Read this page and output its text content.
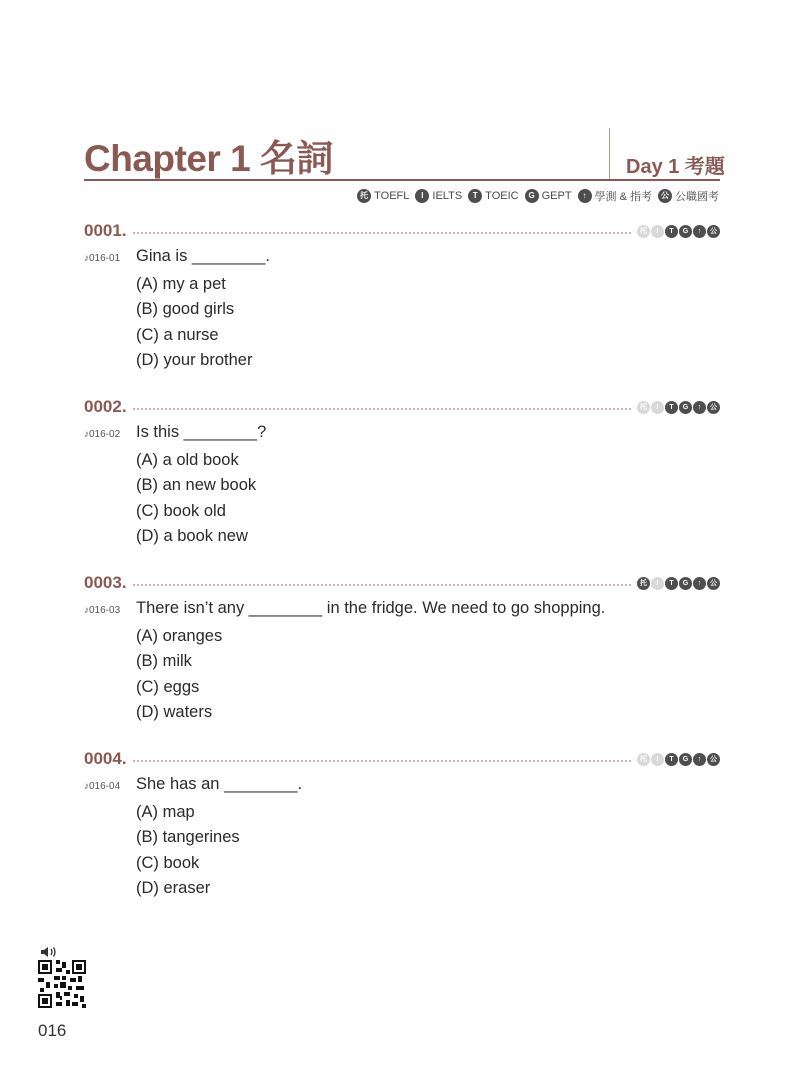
Chapter 1 名詞	Day 1 考題
托 TOEFL	I IELTS	T TOEIC	G GEPT	↑ 學測 & 指考	公 公職國考
0001.	托	I	T	G	↑	公
♪016-01 Gina is ________.
(A) my a pet
(B) good girls
(C) a nurse
(D) your brother
0002.	托	I	T	G	↑	公
♪016-02 Is this ________?
(A) a old book
(B) an new book
(C) book old
(D) a book new
0003.	托	I	T	G	↑	公
♪016-03 There isn’t any ________ in the fridge. We need to go shopping.
(A) oranges
(B) milk
(C) eggs
(D) waters
0004.	托	I	T	G	↑	公
♪016-04 She has an ________.
(A) map
(B) tangerines
(C) book
(D) eraser
016
